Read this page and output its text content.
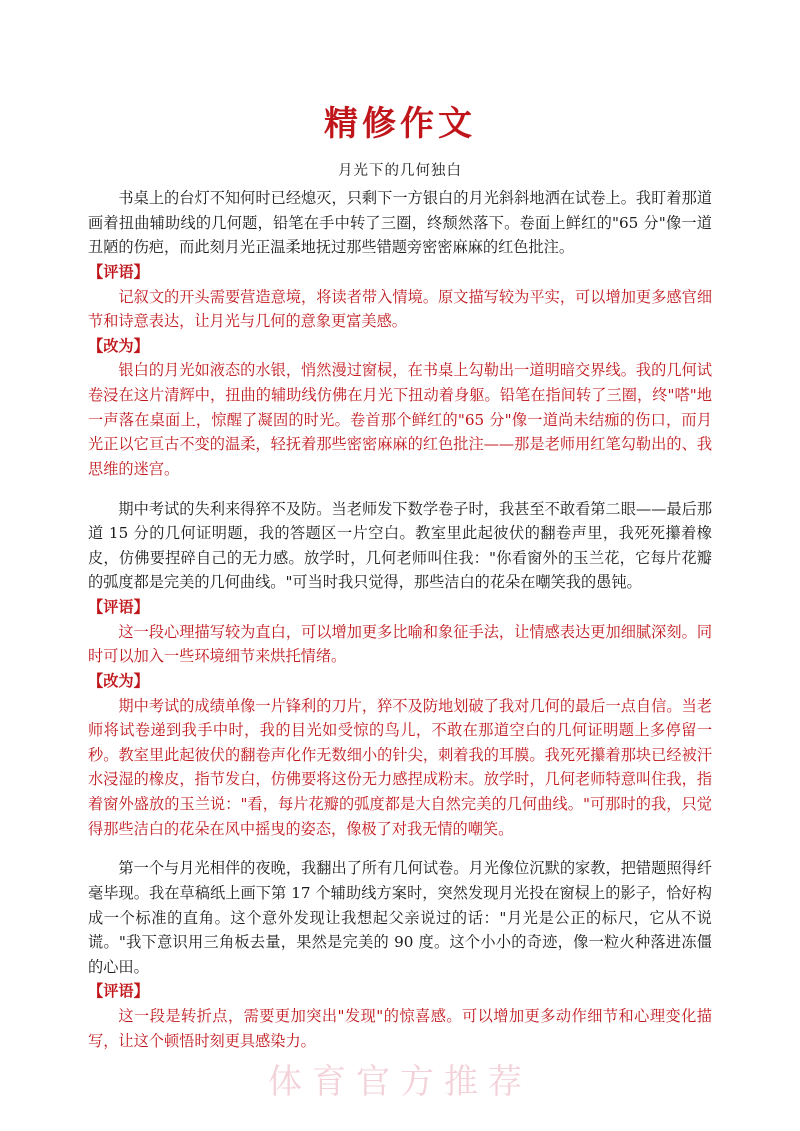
精修作文
月光下的几何独白

书桌上的台灯不知何时已经熄灭，只剩下一方银白的月光斜斜地洒在试卷上。我盯着那道画着扭曲辅助线的几何题，铅笔在手中转了三圈，终颓然落下。卷面上鲜红的"65 分"像一道丑陋的伤疤，而此刻月光正温柔地抚过那些错题旁密密麻麻的红色批注。

【评语】

记叙文的开头需要营造意境，将读者带入情境。原文描写较为平实，可以增加更多感官细节和诗意表达，让月光与几何的意象更富美感。

【改为】

银白的月光如液态的水银，悄然漫过窗棂，在书桌上勾勒出一道明暗交界线。我的几何试卷浸在这片清辉中，扭曲的辅助线仿佛在月光下扭动着身躯。铅笔在指间转了三圈，终"嗒"地一声落在桌面上，惊醒了凝固的时光。卷首那个鲜红的"65 分"像一道尚未结痂的伤口，而月光正以它亘古不变的温柔，轻抚着那些密密麻麻的红色批注——那是老师用红笔勾勒出的、我思维的迷宫。

期中考试的失利来得猝不及防。当老师发下数学卷子时，我甚至不敢看第二眼——最后那道 15 分的几何证明题，我的答题区一片空白。教室里此起彼伏的翻卷声里，我死死攥着橡皮，仿佛要捏碎自己的无力感。放学时，几何老师叫住我："你看窗外的玉兰花，它每片花瓣的弧度都是完美的几何曲线。"可当时我只觉得，那些洁白的花朵在嘲笑我的愚钝。

【评语】

这一段心理描写较为直白，可以增加更多比喻和象征手法，让情感表达更加细腻深刻。同时可以加入一些环境细节来烘托情绪。

【改为】

期中考试的成绩单像一片锋利的刀片，猝不及防地划破了我对几何的最后一点自信。当老师将试卷递到我手中时，我的目光如受惊的鸟儿，不敢在那道空白的几何证明题上多停留一秒。教室里此起彼伏的翻卷声化作无数细小的针尖，刺着我的耳膜。我死死攥着那块已经被汗水浸湿的橡皮，指节发白，仿佛要将这份无力感捏成粉末。放学时，几何老师特意叫住我，指着窗外盛放的玉兰说："看，每片花瓣的弧度都是大自然完美的几何曲线。"可那时的我，只觉得那些洁白的花朵在风中摇曳的姿态，像极了对我无情的嘲笑。

第一个与月光相伴的夜晚，我翻出了所有几何试卷。月光像位沉默的家教，把错题照得纤毫毕现。我在草稿纸上画下第 17 个辅助线方案时，突然发现月光投在窗棂上的影子，恰好构成一个标准的直角。这个意外发现让我想起父亲说过的话："月光是公正的标尺，它从不说谎。"我下意识用三角板去量，果然是完美的 90 度。这个小小的奇迹，像一粒火种落进冻僵的心田。

【评语】

这一段是转折点，需要更加突出"发现"的惊喜感。可以增加更多动作细节和心理变化描写，让这个顿悟时刻更具感染力。

体育官方推荐
